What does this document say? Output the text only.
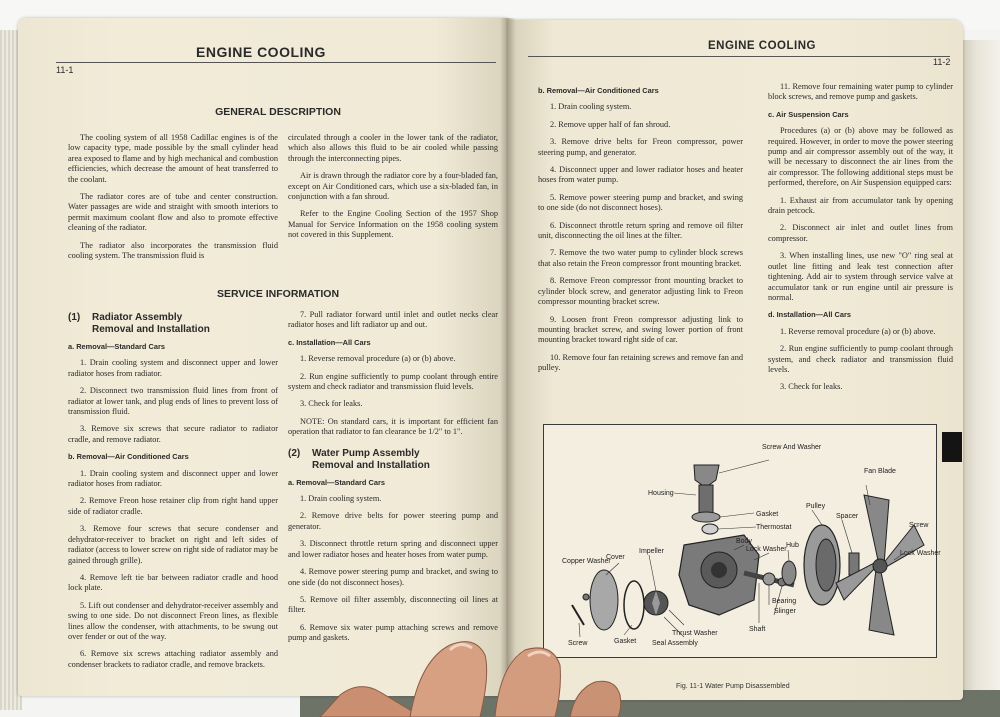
ENGINE COOLING
11-1
GENERAL DESCRIPTION

The cooling system of all 1958 Cadillac engines is of the low capacity type, made possible by the small cylinder head area exposed to flame and by high mechanical and combustion efficiencies, which decrease the amount of heat transferred to the coolant.

The radiator cores are of tube and center construction. Water passages are wide and straight with smooth interiors to permit maximum coolant flow and also to promote effective cleaning of the radiator.

The radiator also incorporates the transmission fluid cooling system. The transmission fluid is

circulated through a cooler in the lower tank of the radiator, which also allows this fluid to be air cooled while passing through the interconnecting pipes.

Air is drawn through the radiator core by a four-bladed fan, except on Air Conditioned cars, which use a six-bladed fan, in conjunction with a fan shroud.

Refer to the Engine Cooling Section of the 1957 Shop Manual for Service Information on the 1958 cooling system not covered in this Supplement.

SERVICE INFORMATION
(1) Radiator Assembly
Removal and Installation
a. Removal—Standard Cars

1. Drain cooling system and disconnect upper and lower radiator hoses from radiator.

2. Disconnect two transmission fluid lines from front of radiator at lower tank, and plug ends of lines to prevent loss of transmission fluid.

3. Remove six screws that secure radiator to radiator cradle, and remove radiator.

b. Removal—Air Conditioned Cars

1. Drain cooling system and disconnect upper and lower radiator hoses from radiator.

2. Remove Freon hose retainer clip from right hand upper side of radiator cradle.

3. Remove four screws that secure condenser and dehydrator-receiver to bracket on right and left sides of radiator (access to lower screw on right side of radiator may be gained through grille).

4. Remove left tie bar between radiator cradle and hood lock plate.

5. Lift out condenser and dehydrator-receiver assembly and swing to one side. Do not disconnect Freon lines, as flexible lines allow the condenser, with attachments, to be swung out over fender or out of the way.

6. Remove six screws attaching radiator assembly and condenser brackets to radiator cradle, and remove brackets.

7. Pull radiator forward until inlet and outlet necks clear radiator hoses and lift radiator up and out.

c. Installation—All Cars

1. Reverse removal procedure (a) or (b) above.

2. Run engine sufficiently to pump coolant through entire system and check radiator and transmission fluid levels.

3. Check for leaks.

NOTE: On standard cars, it is important for efficient fan operation that radiator to fan clearance be 1/2" to 1".

(2) Water Pump Assembly
Removal and Installation
a. Removal—Standard Cars

1. Drain cooling system.

2. Remove drive belts for power steering pump and generator.

3. Disconnect throttle return spring and disconnect upper and lower radiator hoses and heater hoses from water pump.

4. Remove power steering pump and bracket, and swing to one side (do not disconnect hoses).

5. Remove oil filter assembly, disconnecting oil lines at filter.

6. Remove six water pump attaching screws and remove pump and gaskets.

ENGINE COOLING
11-2
b. Removal—Air Conditioned Cars

1. Drain cooling system.

2. Remove upper half of fan shroud.

3. Remove drive belts for Freon compressor, power steering pump, and generator.

4. Disconnect upper and lower radiator hoses and heater hoses from water pump.

5. Remove power steering pump and bracket, and swing to one side (do not disconnect hoses).

6. Disconnect throttle return spring and remove oil filter unit, disconnecting the oil lines at the filter.

7. Remove the two water pump to cylinder block screws that also retain the Freon compressor front mounting bracket.

8. Remove Freon compressor front mounting bracket to cylinder block screw, and generator adjusting link to Freon compressor mounting bracket screw.

9. Loosen front Freon compressor adjusting link to mounting bracket screw, and swing lower portion of front mounting bracket toward right side of car.

10. Remove four fan retaining screws and remove fan and pulley.

11. Remove four remaining water pump to cylinder block screws, and remove pump and gaskets.

c. Air Suspension Cars

Procedures (a) or (b) above may be followed as required. However, in order to move the power steering pump and air compressor assembly out of the way, it will be necessary to disconnect the air lines from the air compressor. The following additional steps must be performed, therefore, on Air Suspension equipped cars:

1. Exhaust air from accumulator tank by opening drain petcock.

2. Disconnect air inlet and outlet lines from compressor.

3. When installing lines, use new "O" ring seal at outlet line fitting and leak test connection after tightening. Add air to system through service valve at accumulator tank or run engine until air pressure is normal.

d. Installation—All Cars

1. Reverse removal procedure (a) or (b) above.

2. Run engine sufficiently to pump coolant through system, and check radiator and transmission fluid levels.

3. Check for leaks.

Screw And Washer
Fan Blade
Housing
Gasket
Thermostat
Pulley
Spacer
Screw
Copper Washer
Cover
Impeller
Body
Lock Washer
Hub
Lock Washer
Screw	Gasket
Thrust Washer
Seal Assembly
Bearing
Slinger
Shaft
Fig. 11-1 Water Pump Disassembled
